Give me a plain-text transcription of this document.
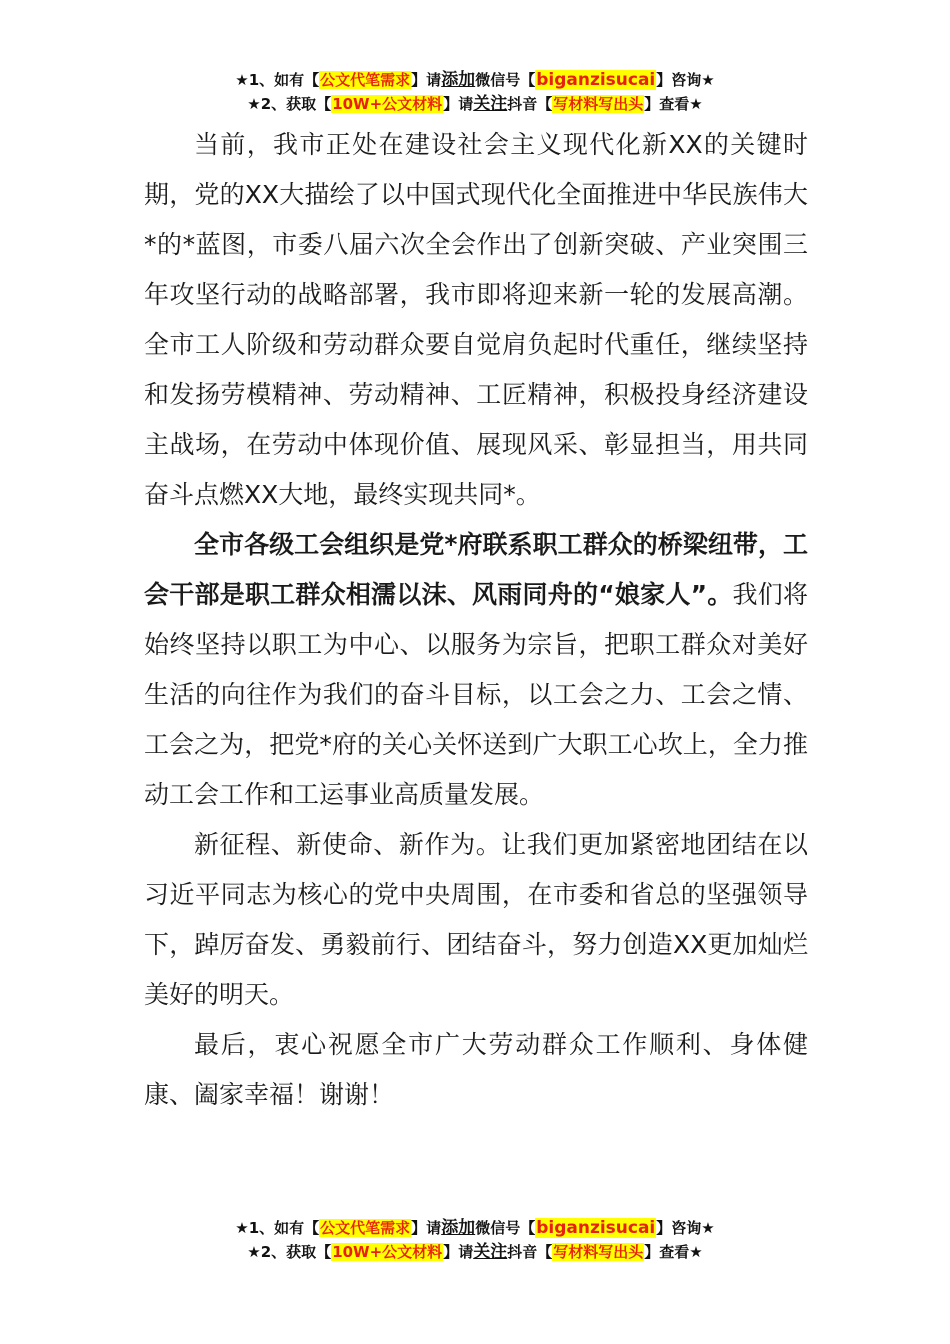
★1、如有【公文代笔需求】请添加微信号【biganzisucai】咨询★
★2、获取【10W+公文材料】请关注抖音【写材料写出头】查看★

当前，我市正处在建设社会主义现代化新XX的关键时期，党的XX大描绘了以中国式现代化全面推进中华民族伟大*的*蓝图，市委八届六次全会作出了创新突破、产业突围三年攻坚行动的战略部署，我市即将迎来新一轮的发展高潮。全市工人阶级和劳动群众要自觉肩负起时代重任，继续坚持和发扬劳模精神、劳动精神、工匠精神，积极投身经济建设主战场，在劳动中体现价值、展现风采、彰显担当，用共同奋斗点燃XX大地，最终实现共同*。

全市各级工会组织是党*府联系职工群众的桥梁纽带，工会干部是职工群众相濡以沫、风雨同舟的“娘家人”。我们将始终坚持以职工为中心、以服务为宗旨，把职工群众对美好生活的向往作为我们的奋斗目标，以工会之力、工会之情、工会之为，把党*府的关心关怀送到广大职工心坎上，全力推动工会工作和工运事业高质量发展。

新征程、新使命、新作为。让我们更加紧密地团结在以习近平同志为核心的党中央周围，在市委和省总的坚强领导下，踔厉奋发、勇毅前行、团结奋斗，努力创造XX更加灿烂美好的明天。

最后，衷心祝愿全市广大劳动群众工作顺利、身体健康、阖家幸福！谢谢！

★1、如有【公文代笔需求】请添加微信号【biganzisucai】咨询★
★2、获取【10W+公文材料】请关注抖音【写材料写出头】查看★
